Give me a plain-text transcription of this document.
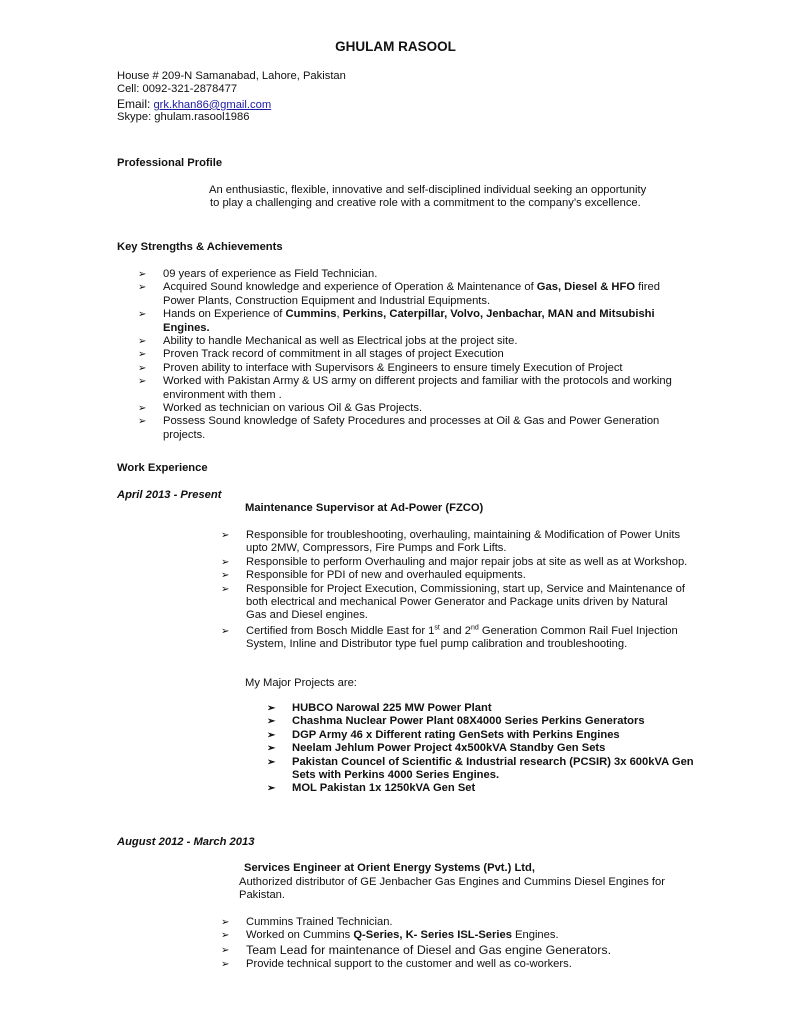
GHULAM RASOOL
House # 209-N Samanabad, Lahore, Pakistan
Cell: 0092-321-2878477
Email: grk.khan86@gmail.com
Skype: ghulam.rasool1986
Professional Profile
An enthusiastic, flexible, innovative and self-disciplined individual seeking an opportunity
to play a challenging and creative role with a commitment to the company’s excellence.
Key Strengths & Achievements
➢ 09 years of experience as Field Technician.
➢ Acquired Sound knowledge and experience of Operation & Maintenance of Gas, Diesel & HFO fired Power Plants, Construction Equipment and Industrial Equipments.
➢ Hands on Experience of Cummins, Perkins, Caterpillar, Volvo, Jenbachar, MAN and Mitsubishi Engines.
➢ Ability to handle Mechanical as well as Electrical jobs at the project site.
➢ Proven Track record of commitment in all stages of project Execution
➢ Proven ability to interface with Supervisors & Engineers to ensure timely Execution of Project
➢ Worked with Pakistan Army & US army on different projects and familiar with the protocols and working environment with them .
➢ Worked as technician on various Oil & Gas Projects.
➢ Possess Sound knowledge of Safety Procedures and processes at Oil & Gas and Power Generation projects.
Work Experience
April 2013 - Present
Maintenance Supervisor at Ad-Power (FZCO)
➢ Responsible for troubleshooting, overhauling, maintaining & Modification of Power Units upto 2MW, Compressors, Fire Pumps and Fork Lifts.
➢ Responsible to perform Overhauling and major repair jobs at site as well as at Workshop.
➢ Responsible for PDI of new and overhauled equipments.
➢ Responsible for Project Execution, Commissioning, start up, Service and Maintenance of both electrical and mechanical Power Generator and Package units driven by Natural Gas and Diesel engines.
➢ Certified from Bosch Middle East for 1st and 2nd Generation Common Rail Fuel Injection System, Inline and Distributor type fuel pump calibration and troubleshooting.
My Major Projects are:
➢ HUBCO Narowal 225 MW Power Plant
➢ Chashma Nuclear Power Plant 08X4000 Series Perkins Generators
➢ DGP Army 46 x Different rating GenSets with Perkins Engines
➢ Neelam Jehlum Power Project 4x500kVA Standby Gen Sets
➢ Pakistan Councel of Scientific & Industrial research (PCSIR) 3x 600kVA Gen Sets with Perkins 4000 Series Engines.
➢ MOL Pakistan 1x 1250kVA Gen Set
August 2012 - March 2013
Services Engineer at Orient Energy Systems (Pvt.) Ltd,
Authorized distributor of GE Jenbacher Gas Engines and Cummins Diesel Engines for Pakistan.
➢ Cummins Trained Technician.
➢ Worked on Cummins Q-Series, K- Series ISL-Series Engines.
➢ Team Lead for maintenance of Diesel and Gas engine Generators.
➢ Provide technical support to the customer and well as co-workers.
